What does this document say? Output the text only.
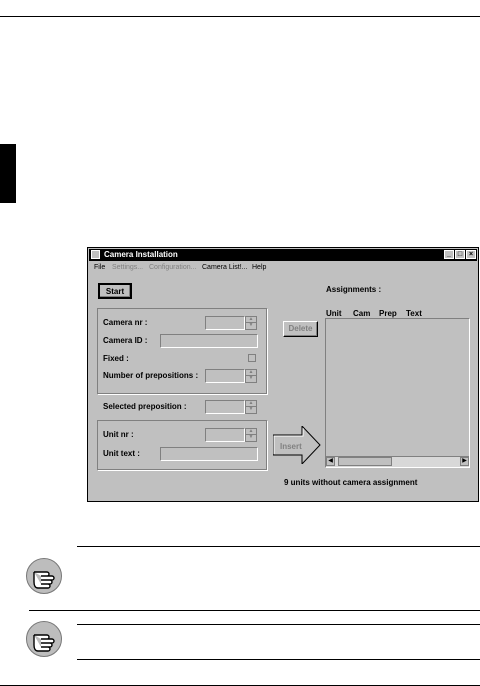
Camera Installation	_ □ ×
File Settings... Configuration... Camera List!... Help
Start
Camera nr :	▲
▼
Camera ID :
Fixed :
Number of prepositions :	▲
▼
Selected preposition :	▲
▼
Unit nr :	▲
▼
Unit text :
Delete
Insert
Assignments :
Unit Cam Prep Text
◀	▶
9 units without camera assignment
